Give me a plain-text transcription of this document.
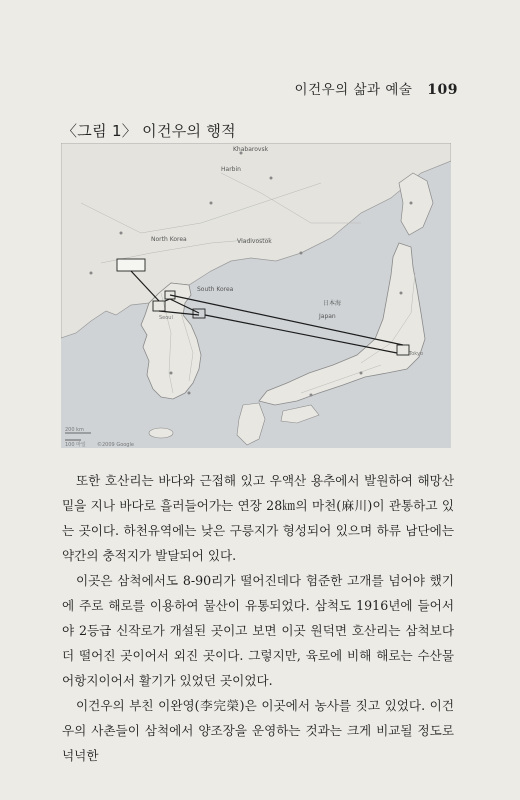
이건우의 삶과 예술 109
〈그림 1〉 이건우의 행적
Khabarovsk
Harbin
Vladivostok
North Korea
South Korea
Japan
日本海
Seoul
Tokyo
200 km
100 마일 ©2009 Google

또한 호산리는 바다와 근접해 있고 우액산 용추에서 발원하여 해망산 밑을 지나 바다로 흘러들어가는 연장 28㎞의 마천(麻川)이 관통하고 있는 곳이다. 하천유역에는 낮은 구릉지가 형성되어 있으며 하류 남단에는 약간의 충적지가 발달되어 있다.

이곳은 삼척에서도 8-90리가 떨어진데다 험준한 고개를 넘어야 했기에 주로 해로를 이용하여 물산이 유통되었다. 삼척도 1916년에 들어서야 2등급 신작로가 개설된 곳이고 보면 이곳 원덕면 호산리는 삼척보다 더 떨어진 곳이어서 외진 곳이다. 그렇지만, 육로에 비해 해로는 수산물 어항지이어서 활기가 있었던 곳이었다.

이건우의 부친 이완영(李完榮)은 이곳에서 농사를 짓고 있었다. 이건우의 사촌들이 삼척에서 양조장을 운영하는 것과는 크게 비교될 정도로 넉넉한
